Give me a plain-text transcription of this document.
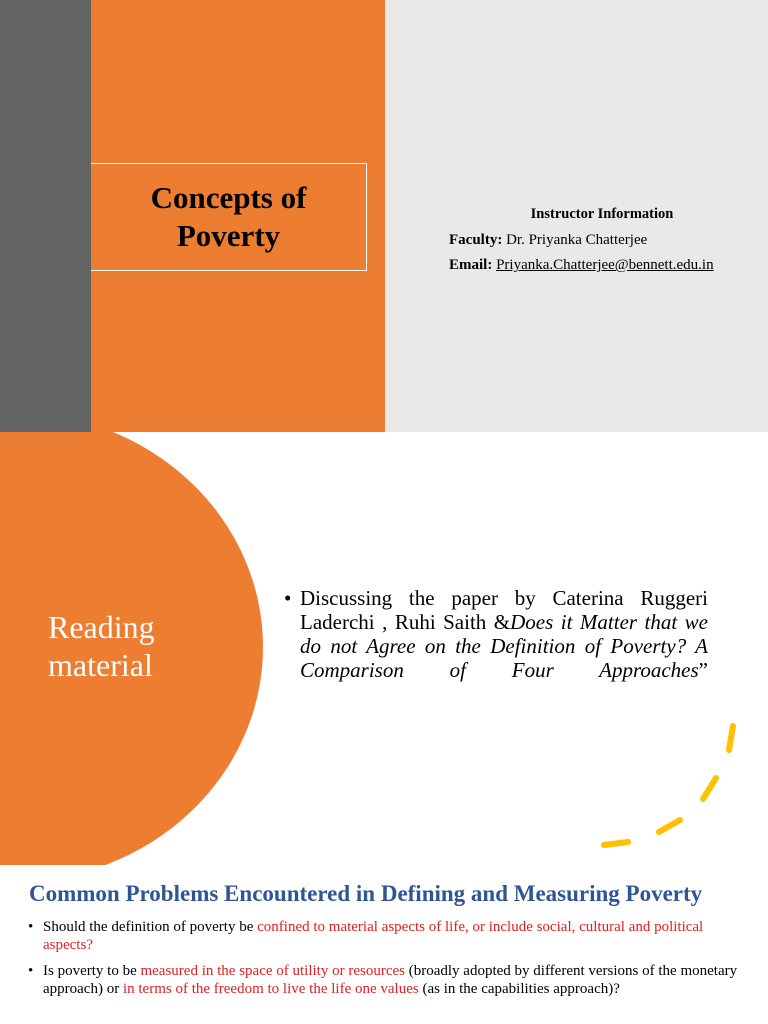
Concepts of
Poverty
Instructor Information
Faculty: Dr. Priyanka Chatterjee
Email: Priyanka.Chatterjee@bennett.edu.in
Reading
material
• Discussing the paper by Caterina Ruggeri Laderchi , Ruhi Saith &Does it Matter that we do not Agree on the Definition of Poverty? A Comparison of Four Approaches”
Common Problems Encountered in Defining and Measuring Poverty
• Should the definition of poverty be confined to material aspects of life, or include social, cultural and political aspects?
• Is poverty to be measured in the space of utility or resources (broadly adopted by different versions of the monetary approach) or in terms of the freedom to live the life one values (as in the capabilities approach)?
